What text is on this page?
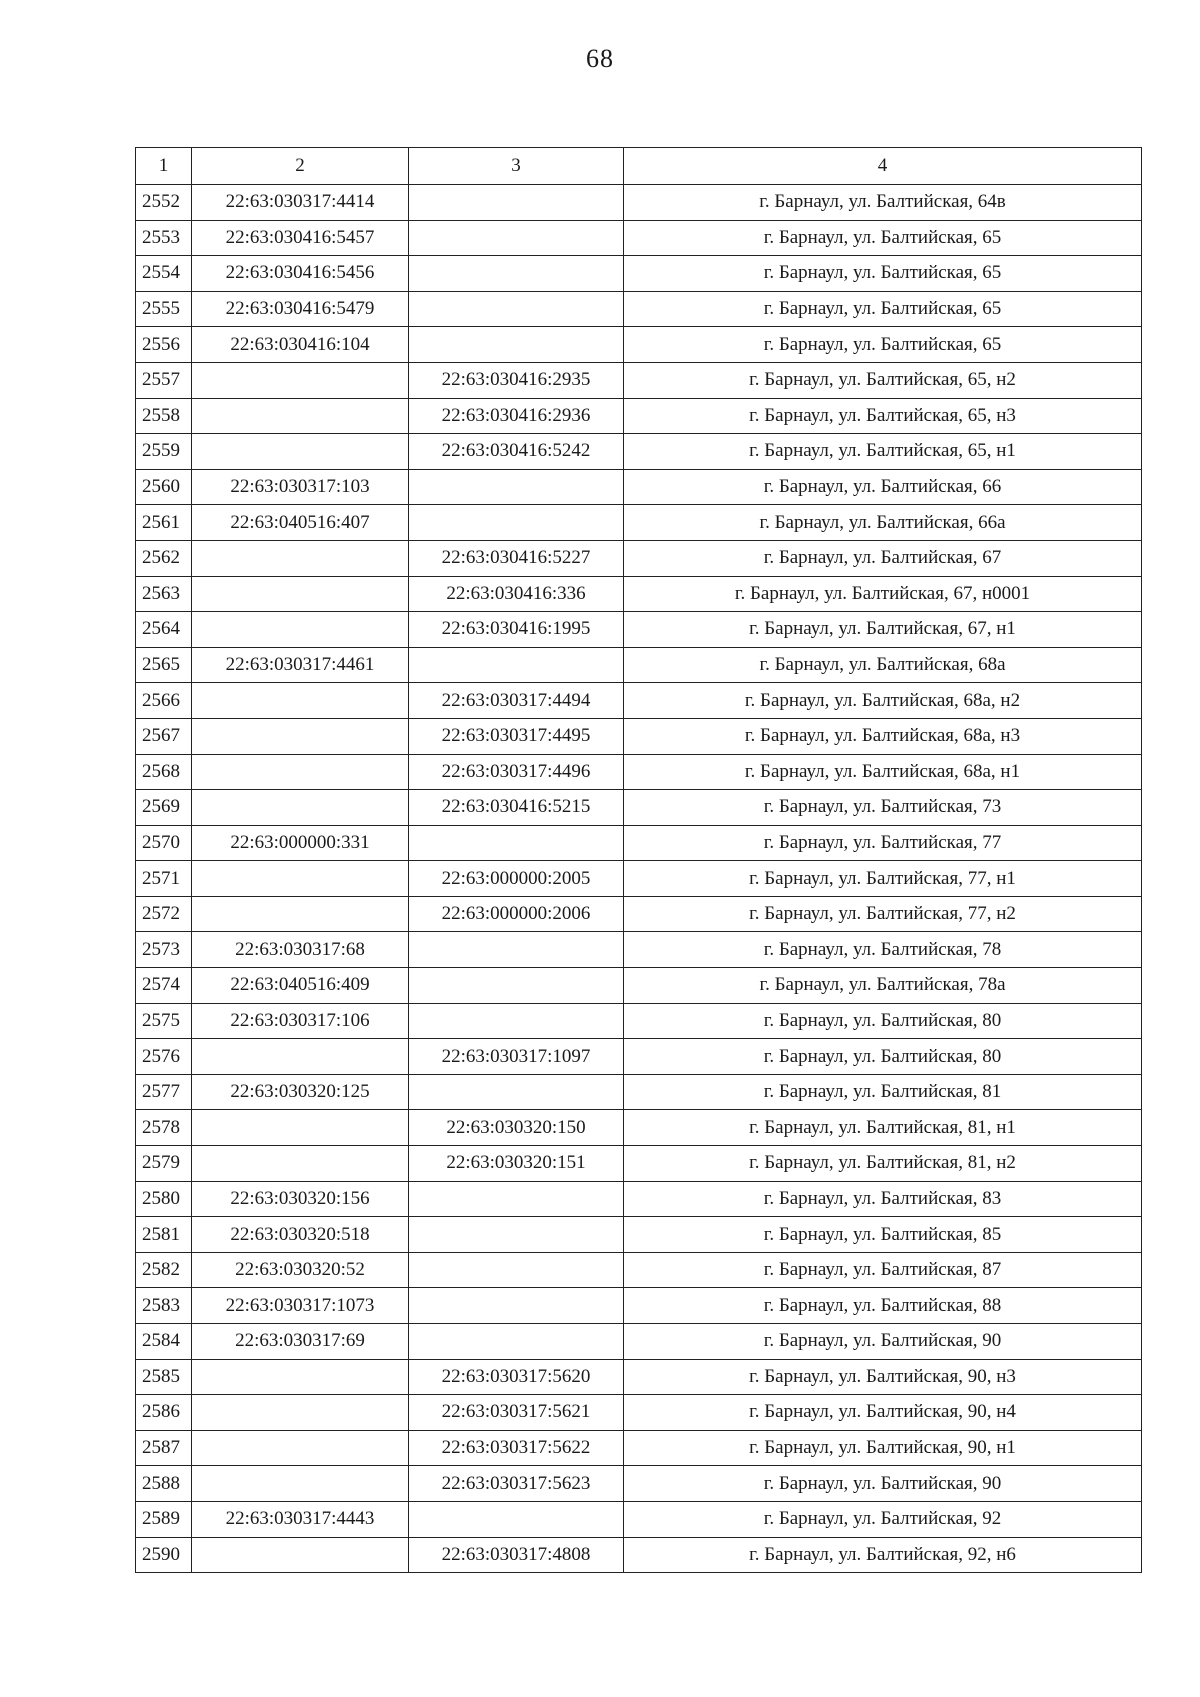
68
1	2	3	4
2552	22:63:030317:4414		г. Барнаул, ул. Балтийская, 64в
2553	22:63:030416:5457		г. Барнаул, ул. Балтийская, 65
2554	22:63:030416:5456		г. Барнаул, ул. Балтийская, 65
2555	22:63:030416:5479		г. Барнаул, ул. Балтийская, 65
2556	22:63:030416:104		г. Барнаул, ул. Балтийская, 65
2557		22:63:030416:2935	г. Барнаул, ул. Балтийская, 65, н2
2558		22:63:030416:2936	г. Барнаул, ул. Балтийская, 65, н3
2559		22:63:030416:5242	г. Барнаул, ул. Балтийская, 65, н1
2560	22:63:030317:103		г. Барнаул, ул. Балтийская, 66
2561	22:63:040516:407		г. Барнаул, ул. Балтийская, 66а
2562		22:63:030416:5227	г. Барнаул, ул. Балтийская, 67
2563		22:63:030416:336	г. Барнаул, ул. Балтийская, 67, н0001
2564		22:63:030416:1995	г. Барнаул, ул. Балтийская, 67, н1
2565	22:63:030317:4461		г. Барнаул, ул. Балтийская, 68а
2566		22:63:030317:4494	г. Барнаул, ул. Балтийская, 68а, н2
2567		22:63:030317:4495	г. Барнаул, ул. Балтийская, 68а, н3
2568		22:63:030317:4496	г. Барнаул, ул. Балтийская, 68а, н1
2569		22:63:030416:5215	г. Барнаул, ул. Балтийская, 73
2570	22:63:000000:331		г. Барнаул, ул. Балтийская, 77
2571		22:63:000000:2005	г. Барнаул, ул. Балтийская, 77, н1
2572		22:63:000000:2006	г. Барнаул, ул. Балтийская, 77, н2
2573	22:63:030317:68		г. Барнаул, ул. Балтийская, 78
2574	22:63:040516:409		г. Барнаул, ул. Балтийская, 78а
2575	22:63:030317:106		г. Барнаул, ул. Балтийская, 80
2576		22:63:030317:1097	г. Барнаул, ул. Балтийская, 80
2577	22:63:030320:125		г. Барнаул, ул. Балтийская, 81
2578		22:63:030320:150	г. Барнаул, ул. Балтийская, 81, н1
2579		22:63:030320:151	г. Барнаул, ул. Балтийская, 81, н2
2580	22:63:030320:156		г. Барнаул, ул. Балтийская, 83
2581	22:63:030320:518		г. Барнаул, ул. Балтийская, 85
2582	22:63:030320:52		г. Барнаул, ул. Балтийская, 87
2583	22:63:030317:1073		г. Барнаул, ул. Балтийская, 88
2584	22:63:030317:69		г. Барнаул, ул. Балтийская, 90
2585		22:63:030317:5620	г. Барнаул, ул. Балтийская, 90, н3
2586		22:63:030317:5621	г. Барнаул, ул. Балтийская, 90, н4
2587		22:63:030317:5622	г. Барнаул, ул. Балтийская, 90, н1
2588		22:63:030317:5623	г. Барнаул, ул. Балтийская, 90
2589	22:63:030317:4443		г. Барнаул, ул. Балтийская, 92
2590		22:63:030317:4808	г. Барнаул, ул. Балтийская, 92, н6
